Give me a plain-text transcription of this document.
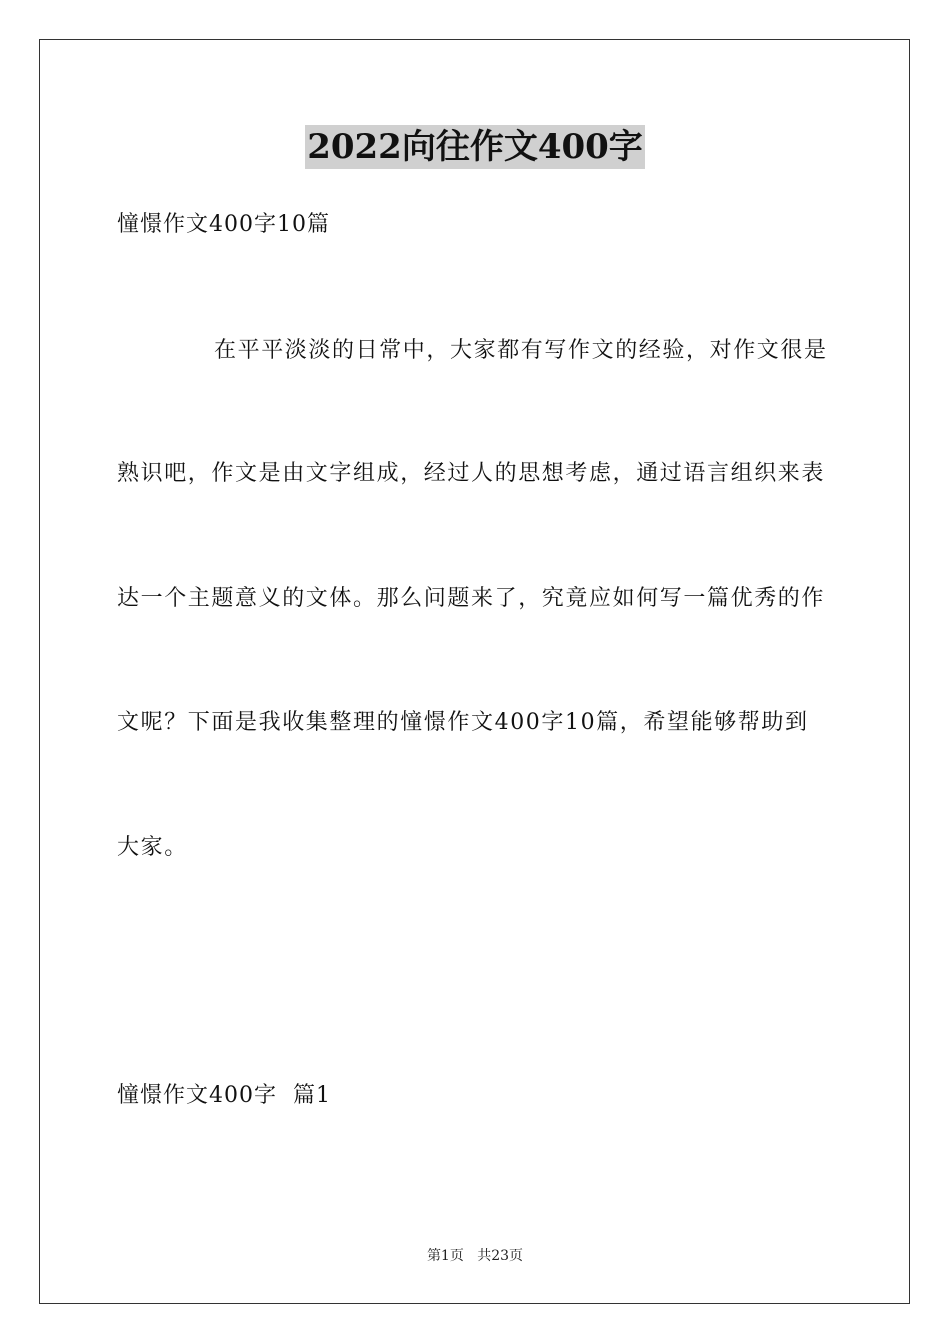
2022向往作文400字
憧憬作文400字10篇
在平平淡淡的日常中，大家都有写作文的经验，对作文很是
熟识吧，作文是由文字组成，经过人的思想考虑，通过语言组织来表
达一个主题意义的文体。那么问题来了，究竟应如何写一篇优秀的作
文呢？下面是我收集整理的憧憬作文400字10篇，希望能够帮助到
大家。
憧憬作文400字  篇1
第1页 共23页
